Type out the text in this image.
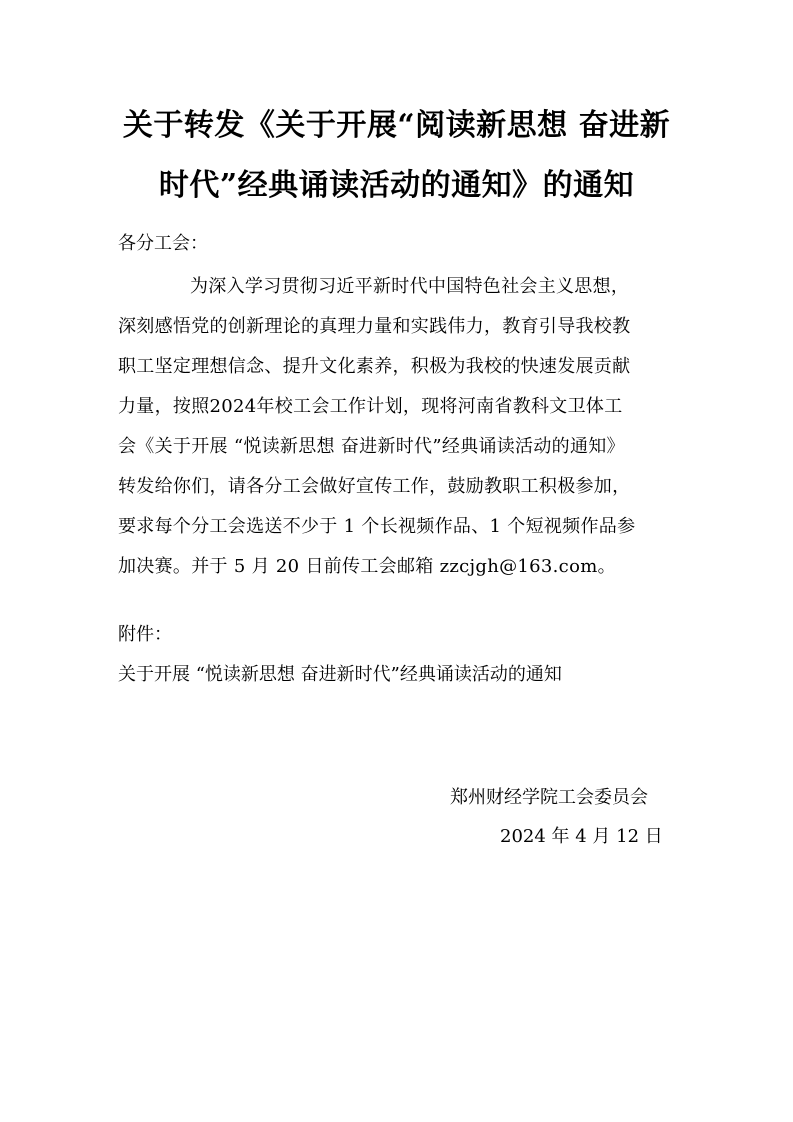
关于转发《关于开展“阅读新思想 奋进新
时代”经典诵读活动的通知》的通知
各分工会：
为深入学习贯彻习近平新时代中国特色社会主义思想，
深刻感悟党的创新理论的真理力量和实践伟力，教育引导我校教
职工坚定理想信念、提升文化素养，积极为我校的快速发展贡献
力量，按照2024年校工会工作计划，现将河南省教科文卫体工
会《关于开展 “悦读新思想 奋进新时代”经典诵读活动的通知》
转发给你们，请各分工会做好宣传工作，鼓励教职工积极参加，
要求每个分工会选送不少于 1 个长视频作品、1 个短视频作品参
加决赛。并于 5 月 20 日前传工会邮箱 zzcjgh@163.com。
附件：
关于开展 “悦读新思想 奋进新时代”经典诵读活动的通知
郑州财经学院工会委员会
2024 年 4 月 12 日
